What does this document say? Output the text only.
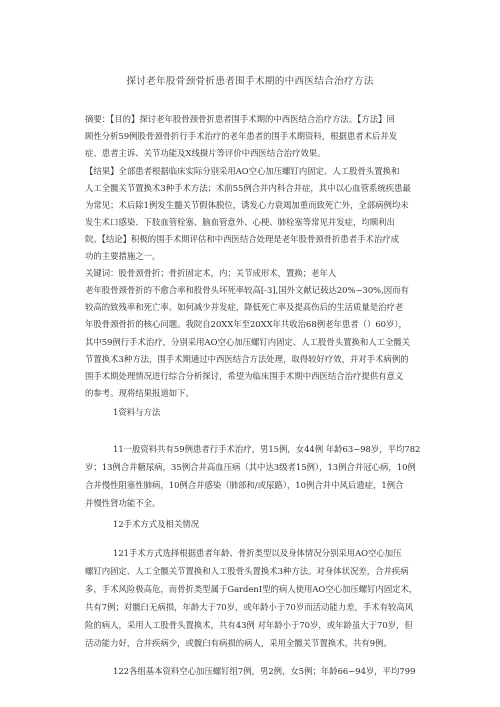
探讨老年股骨颈骨折患者围手术期的中西医结合治疗方法
摘要：【目的】探讨老年股骨颈骨折患者围手术期的中西医结合治疗方法。【方法】回
顾性分析59例股骨颈骨折行手术治疗的老年患者的围手术期资料，根据患者术后并发
症、患者主诉、关节功能及X线摄片等评价中西医结合治疗效果。
【结果】全部患者根据临床实际分别采用AO空心加压螺钉内固定、人工股骨头置换和
人工全髋关节置换术3种手术方法；术前55例合并内科合并症，其中以心血管系统疾患最
为常见；术后除1例发生髓关节假体脱位，诱发心力衰竭加重而致死亡外，全部病例均未
发生术口感染、下肢血管栓塞、脑血管意外、心梗、肺栓塞等常见并发症，均顺利出
院。【结论】积极的围手术期评估和中西医结合处理是老年股骨颈骨折患者手术治疗成
功的主要措施之一。
关键词：股骨颈骨折；骨折固定术，内；关节成形术，置换；老年人
老年股骨颈骨折的不愈合率和股骨头坏死率较高[-3],国外文献记载达20%~30%,因而有
较高的致残率和死亡率。如何减少并发症，降低死亡率及提高伤后的生活质量是治疗老
年股骨颈骨折的核心问题。我院自20XX年至20XX年共收治68例老年患者（）60岁），
其中59例行手术治疗，分别采用AO空心加压螺钉内固定、人工股骨头置换和人工全髋关
节置换术3种方法，围手术期通过中西医结合方法处理，取得较好疗效，并对手术病例的
围手术期处理情况进行综合分析探讨，希望为临床围手术期中西医结合治疗提供有意义
的参考。现将结果报道如下。
1资料与方法
11一般资料共有59例患者行手术治疗，男15例，女44例 年龄63~98岁，平均782
岁；13例合并糖尿病，35例合并高血压病（其中达3级者15例），13例合并冠心病，10例
合并慢性阻塞性肺病，10例合并感染（肺部和/或尿路），10例合并中风后遗症，1例合
并慢性肾功能不全。
12手术方式及相关情况
121手术方式选择根据患者年龄、骨折类型以及身体情况分别采用AO空心加压
螺钉内固定、人工全髋关节置换和人工股骨头置换术3种方法。对身体状况差，合并疾病
多，手术风险极高危，而骨折类型属于GardenI型的病人使用AO空心加压螺钉内固定术，
共有7例；对髋臼无病损，年龄大于70岁，或年龄小于70岁而活动能力差，手术有较高风
险的病人，采用人工股骨头置换术，共有43例 对年龄小于70岁，或年龄虽大于70岁，但
活动能力好，合并疾病少，或髋臼有病损的病人，采用全髋关节置换术，共有9例。
122各组基本资料空心加压螺钉组7例，男2例，女5例；年龄66~94岁，平均799
